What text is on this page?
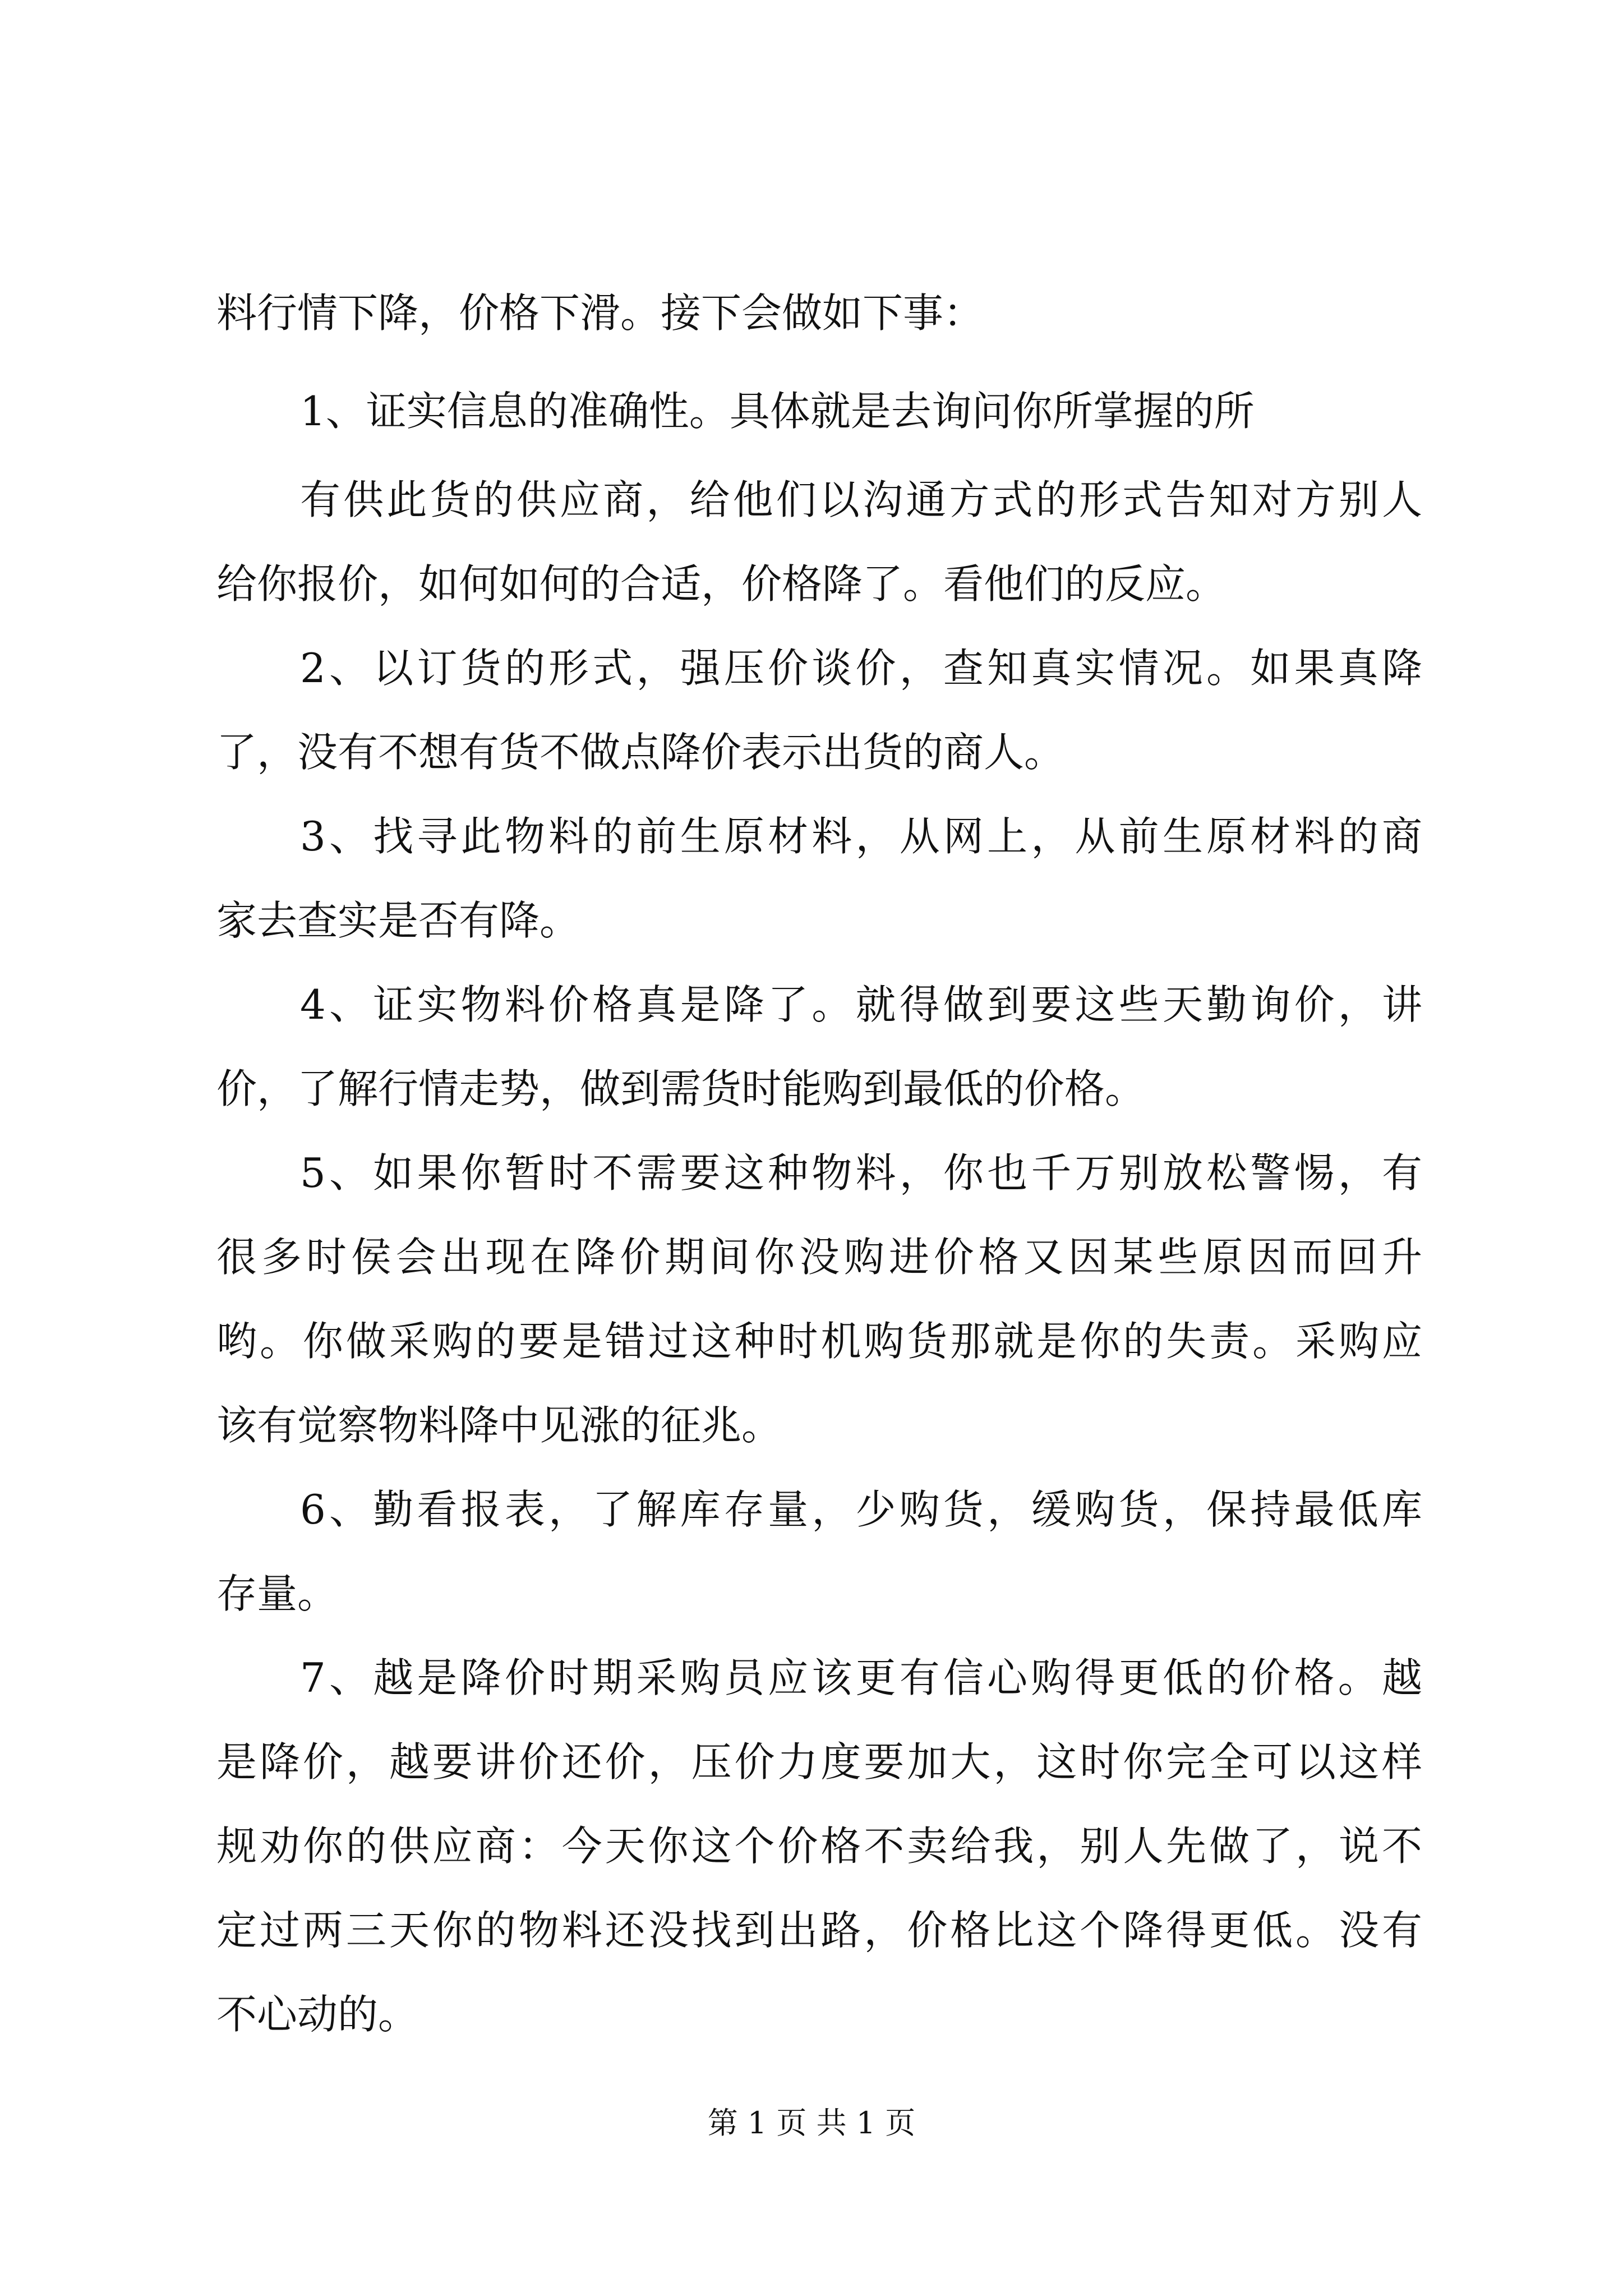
料行情下降，价格下滑。接下会做如下事：
1、证实信息的准确性。具体就是去询问你所掌握的所
有供此货的供应商，给他们以沟通方式的形式告知对方别人
给你报价，如何如何的合适，价格降了。看他们的反应。
2、以订货的形式，强压价谈价，查知真实情况。如果真降
了，没有不想有货不做点降价表示出货的商人。
3、找寻此物料的前生原材料，从网上，从前生原材料的商
家去查实是否有降。
4、证实物料价格真是降了。就得做到要这些天勤询价，讲
价，了解行情走势，做到需货时能购到最低的价格。
5、如果你暂时不需要这种物料，你也千万别放松警惕，有
很多时侯会出现在降价期间你没购进价格又因某些原因而回升
哟。你做采购的要是错过这种时机购货那就是你的失责。采购应
该有觉察物料降中见涨的征兆。
6、勤看报表，了解库存量，少购货，缓购货，保持最低库
存量。
7、越是降价时期采购员应该更有信心购得更低的价格。越
是降价，越要讲价还价，压价力度要加大，这时你完全可以这样
规劝你的供应商：今天你这个价格不卖给我，别人先做了，说不
定过两三天你的物料还没找到出路，价格比这个降得更低。没有
不心动的。
第 1 页 共 1 页
